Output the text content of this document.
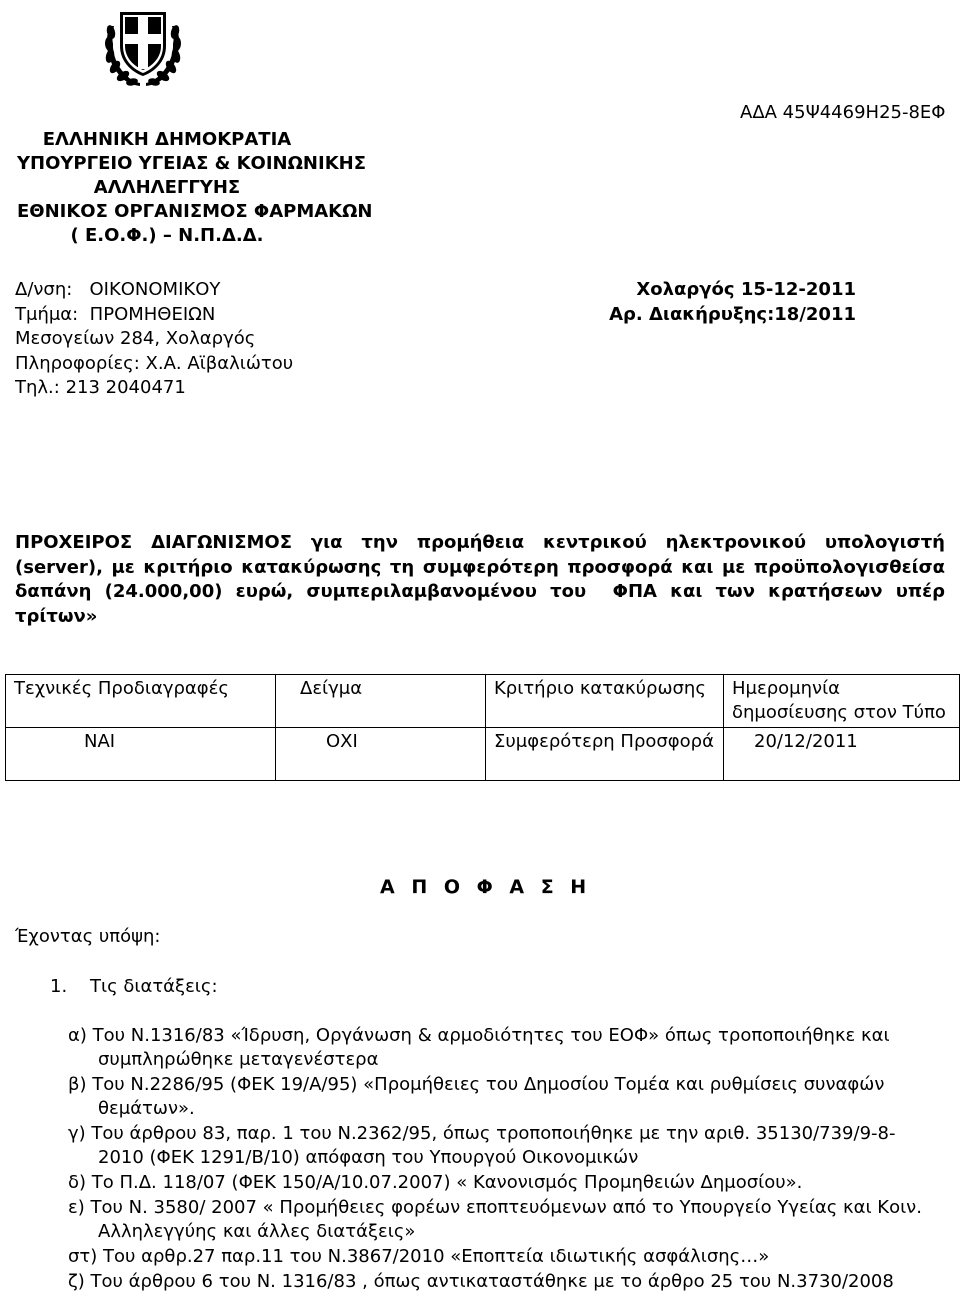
ΕΛΛΗΝΙΚΗ ΔΗΜΟΚΡΑΤΙΑ
ΥΠΟΥΡΓΕΙΟ ΥΓΕΙΑΣ & ΚΟΙΝΩΝΙΚΗΣ
ΑΛΛΗΛΕΓΓΥΗΣ
ΕΘΝΙΚΟΣ ΟΡΓΑΝΙΣΜΟΣ ΦΑΡΜΑΚΩΝ
( Ε.Ο.Φ.) – Ν.Π.Δ.Δ.
ΑΔΑ 45Ψ4469Η25-8ΕΦ
Δ/νση:   ΟΙΚΟΝΟΜΙΚΟΥ
Τμήμα:  ΠΡΟΜΗΘΕΙΩΝ
Μεσογείων 284, Χολαργός
Πληροφορίες: Χ.Α. Αϊβαλιώτου
Τηλ.: 213 2040471
Χολαργός 15-12-2011
Αρ. Διακήρυξης:18/2011
ΠΡΟΧΕΙΡΟΣ  ΔΙΑΓΩΝΙΣΜΟΣ  για  την  προμήθεια  κεντρικού  ηλεκτρονικού  υπολογιστή (server), με κριτήριο κατακύρωσης τη συμφερότερη προσφορά και με προϋπολογισθείσα δαπάνη (24.000,00) ευρώ, συμπεριλαμβανομένου του  ΦΠΑ και των κρατήσεων υπέρ τρίτων»
Τεχνικές Προδιαγραφές	Δείγμα	Κριτήριο κατακύρωσης	Ημερομηνία δημοσίευσης στον Τύπο
ΝΑΙ	ΟΧΙ	Συμφερότερη Προσφορά	20/12/2011
Α Π Ο Φ Α Σ Η
Έχοντας υπόψη:
1. Τις διατάξεις:
α) Του Ν.1316/83 «Ίδρυση, Οργάνωση & αρμοδιότητες του ΕΟΦ» όπως τροποποιήθηκε και συμπληρώθηκε μεταγενέστερα
β) Του Ν.2286/95 (ΦΕΚ 19/Α/95) «Προμήθειες του Δημοσίου Τομέα και ρυθμίσεις συναφών θεμάτων».
γ) Του άρθρου 83, παρ. 1 του Ν.2362/95, όπως τροποποιήθηκε με την αριθ. 35130/739/9-8-2010 (ΦΕΚ 1291/Β/10) απόφαση του Υπουργού Οικονομικών
δ) Το Π.Δ. 118/07 (ΦΕΚ 150/Α/10.07.2007) « Κανονισμός Προμηθειών Δημοσίου».
ε) Του Ν. 3580/ 2007 « Προμήθειες φορέων εποπτευόμενων από το Υπουργείο Υγείας και Κοιν. Αλληλεγγύης και άλλες διατάξεις»
στ) Του αρθρ.27 παρ.11 του Ν.3867/2010 «Εποπτεία ιδιωτικής ασφάλισης…»
ζ) Του άρθρου 6 του Ν. 1316/83 , όπως αντικαταστάθηκε με το άρθρο 25 του Ν.3730/2008
